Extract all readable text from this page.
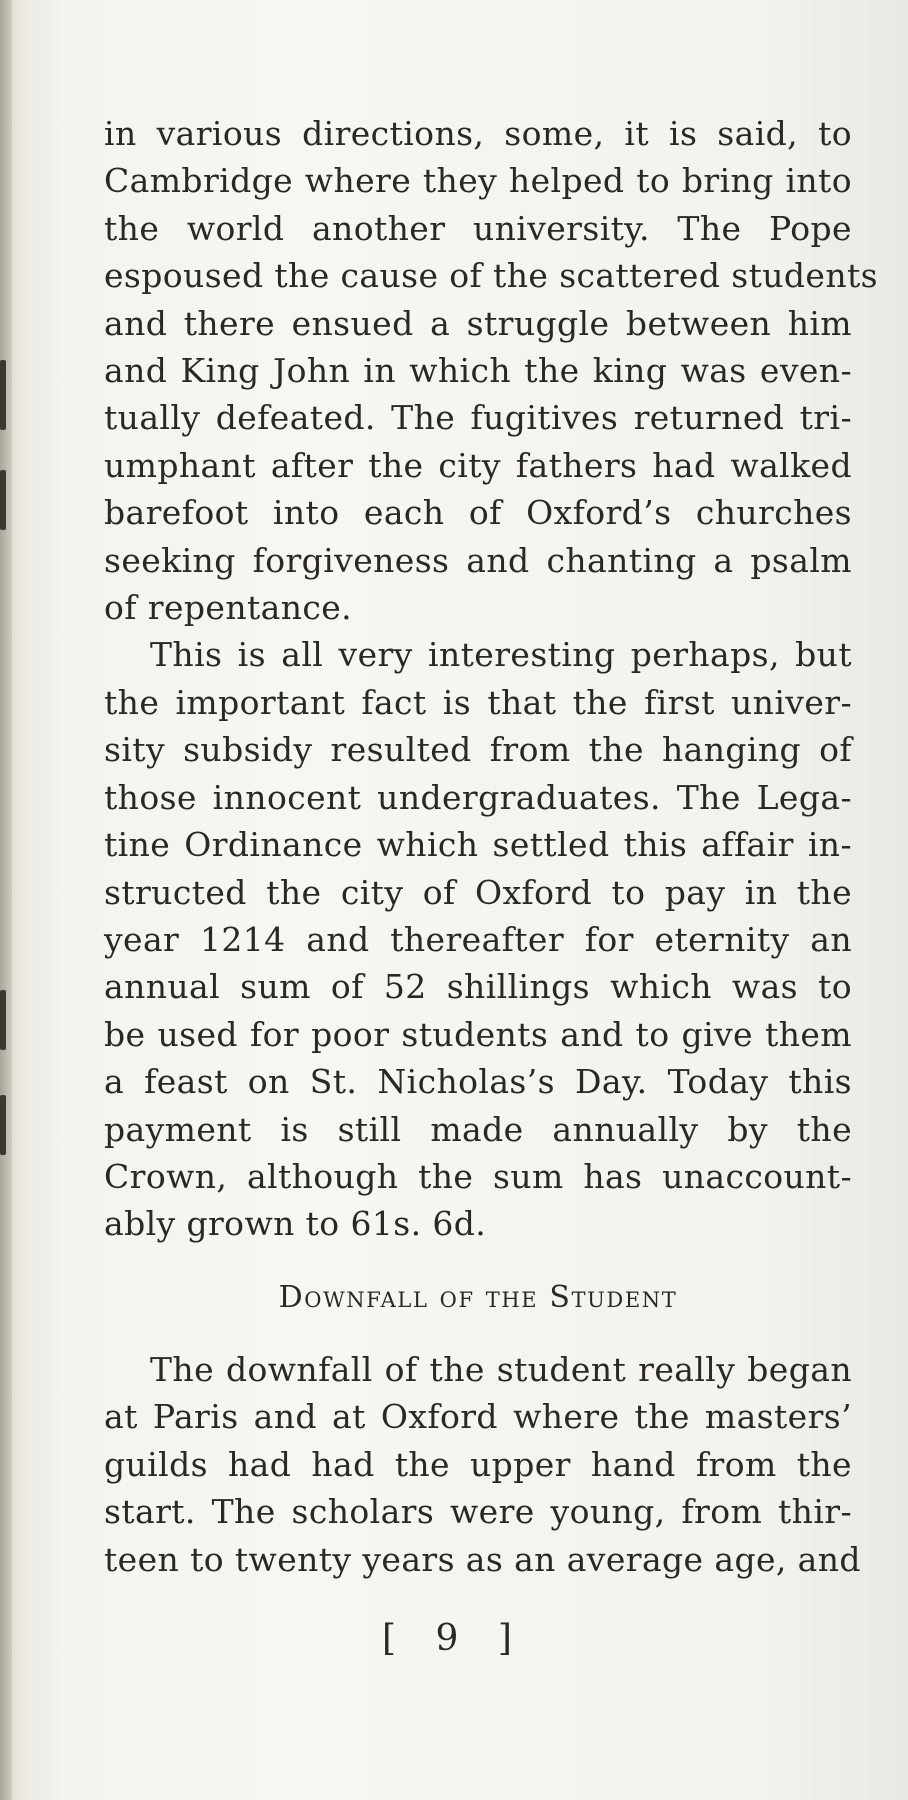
in various directions, some, it is said, to
Cambridge where they helped to bring into
the world another university. The Pope
espoused the cause of the scattered students
and there ensued a struggle between him
and King John in which the king was even-
tually defeated. The fugitives returned tri-
umphant after the city fathers had walked
barefoot into each of Oxford’s churches
seeking forgiveness and chanting a psalm
of repentance.
This is all very interesting perhaps, but
the important fact is that the first univer-
sity subsidy resulted from the hanging of
those innocent undergraduates. The Lega-
tine Ordinance which settled this affair in-
structed the city of Oxford to pay in the
year 1214 and thereafter for eternity an
annual sum of 52 shillings which was to
be used for poor students and to give them
a feast on St. Nicholas’s Day. Today this
payment is still made annually by the
Crown, although the sum has unaccount-
ably grown to 61s. 6d.
Downfall of the Student
The downfall of the student really began
at Paris and at Oxford where the masters’
guilds had had the upper hand from the
start. The scholars were young, from thir-
teen to twenty years as an average age, and
[ 9 ]
